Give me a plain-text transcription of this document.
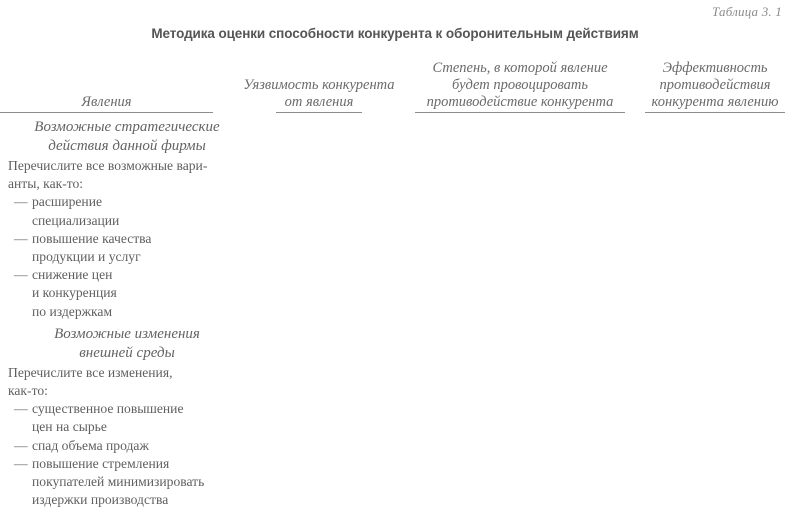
Таблица 3. 1
Методика оценки способности конкурента к оборонительным действиям
Явления
Уязвимость конкурента
от явления
Степень, в которой явление
будет провоцировать
противодействие конкурента
Эффективность
противодействия
конкурента явлению
Возможные стратегические
действия данной фирмы
Перечислите все возможные вари-
анты, как-то:
— расширение
специализации
— повышение качества
продукции и услуг
— снижение цен
и конкуренция
по издержкам
Возможные изменения
внешней среды
Перечислите все изменения,
как-то:
— существенное повышение
цен на сырье
— спад объема продаж
— повышение стремления
покупателей минимизировать
издержки производства
